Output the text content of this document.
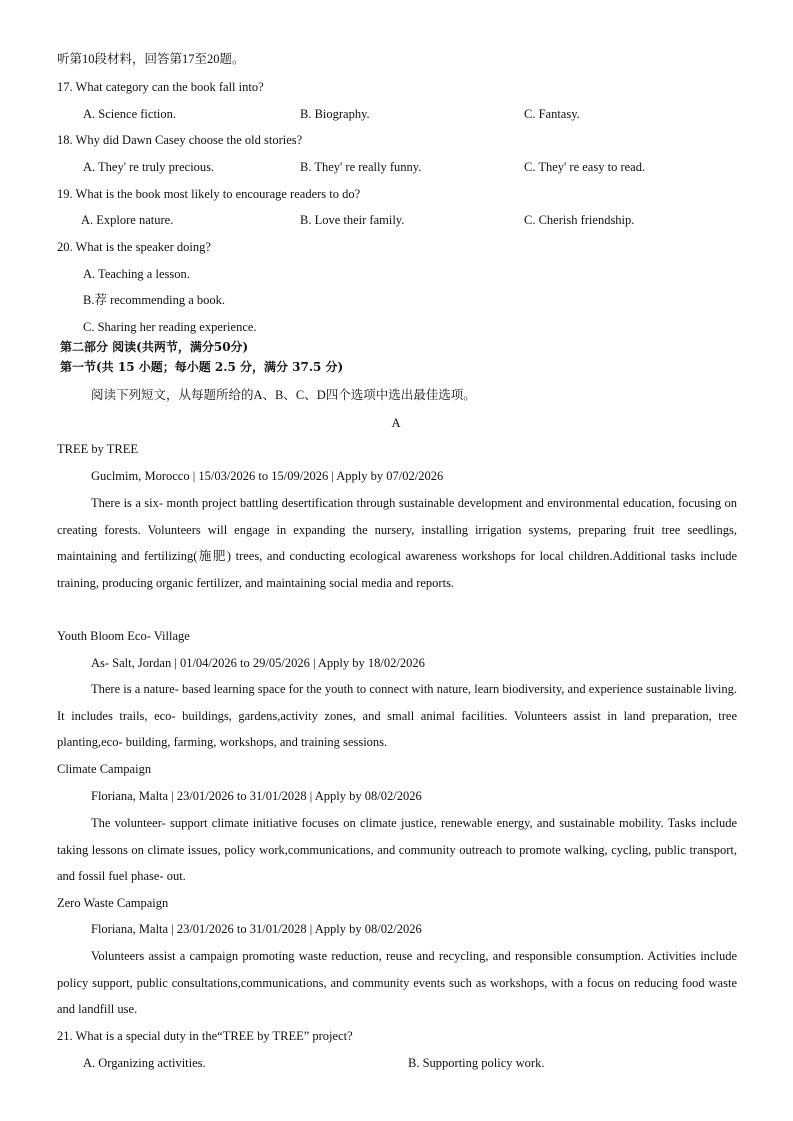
听第10段材料，回答第17至20题。
17. What category can the book fall into?
A. Science fiction.	B. Biography.	C. Fantasy.
18. Why did Dawn Casey choose the old stories?
A. They' re truly precious.	B. They' re really funny.	C. They' re easy to read.
19. What is the book most likely to encourage readers to do?
A. Explore nature.	B. Love their family.	C. Cherish friendship.
20. What is the speaker doing?
A. Teaching a lesson.
B.荐 recommending a book.
C. Sharing her reading experience.
第二部分 阅读(共两节，满分50分)
第一节(共 15 小题；每小题 2.5 分，满分 37.5 分)
阅读下列短文，从每题所给的A、B、C、D四个选项中选出最佳选项。
A
TREE by TREE
Guclmim, Morocco | 15/03/2026 to 15/09/2026 | Apply by 07/02/2026
There is a six- month project battling desertification through sustainable development and environmental education, focusing on creating forests. Volunteers will engage in expanding the nursery, installing irrigation systems, preparing fruit tree seedlings, maintaining and fertilizing(施肥) trees, and conducting ecological awareness workshops for local children.Additional tasks include training, producing organic fertilizer, and maintaining social media and reports.
Youth Bloom Eco- Village
As- Salt, Jordan | 01/04/2026 to 29/05/2026 | Apply by 18/02/2026
There is a nature- based learning space for the youth to connect with nature, learn biodiversity, and experience sustainable living. It includes trails, eco- buildings, gardens,activity zones, and small animal facilities. Volunteers assist in land preparation, tree planting,eco- building, farming, workshops, and training sessions.
Climate Campaign
Floriana, Malta | 23/01/2026 to 31/01/2028 | Apply by 08/02/2026
The volunteer- support climate initiative focuses on climate justice, renewable energy, and sustainable mobility. Tasks include taking lessons on climate issues, policy work,communications, and community outreach to promote walking, cycling, public transport, and fossil fuel phase- out.
Zero Waste Campaign
Floriana, Malta | 23/01/2026 to 31/01/2028 | Apply by 08/02/2026
Volunteers assist a campaign promoting waste reduction, reuse and recycling, and responsible consumption. Activities include policy support, public consultations,communications, and community events such as workshops, with a focus on reducing food waste and landfill use.
21. What is a special duty in the“TREE by TREE” project?
A. Organizing activities.	B. Supporting policy work.
